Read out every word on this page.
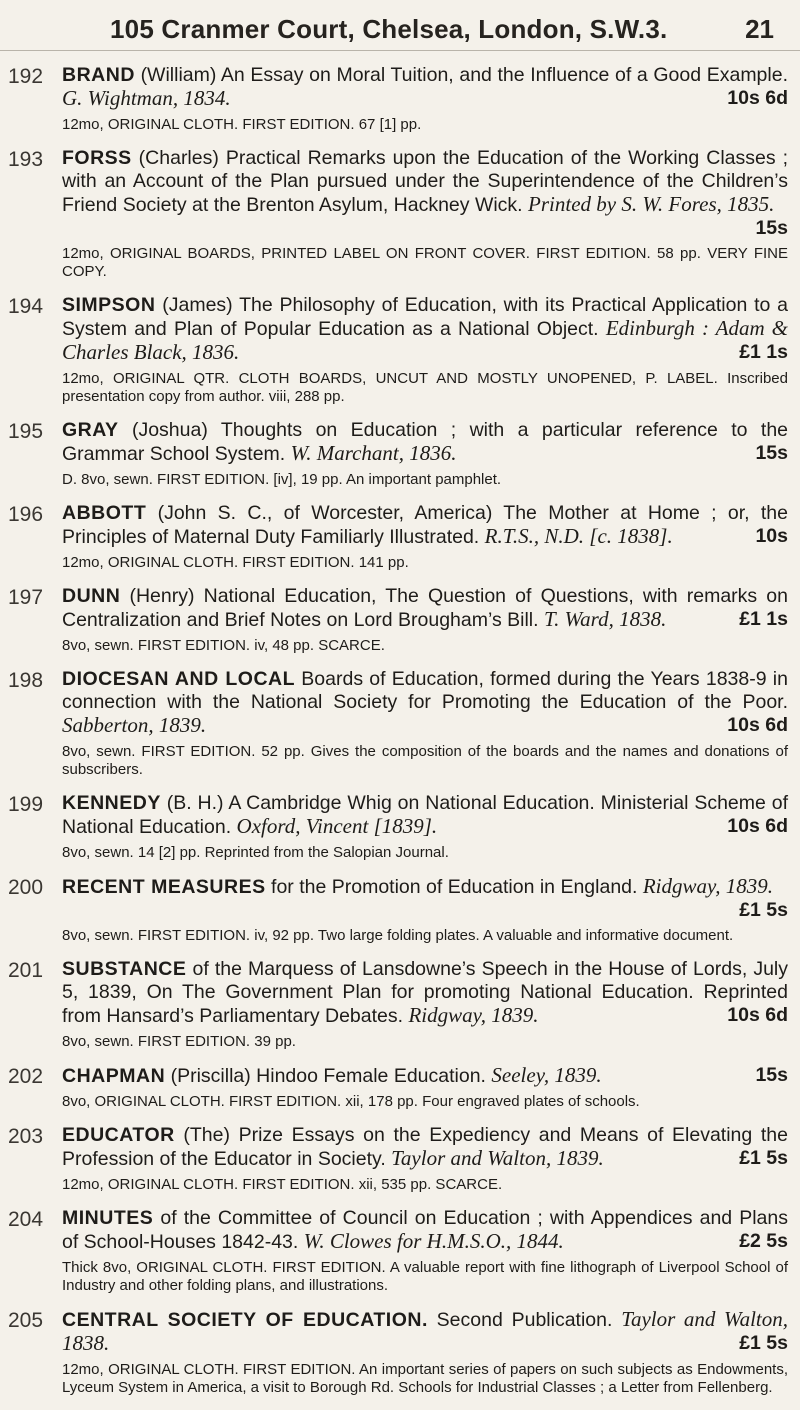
105 Cranmer Court, Chelsea, London, S.W.3.	21
192 BRAND (William) An Essay on Moral Tuition, and the Influence of a Good Example. G. Wightman, 1834.	10s 6d
12mo, ORIGINAL CLOTH. FIRST EDITION. 67 [1] pp.
193 FORSS (Charles) Practical Remarks upon the Education of the Working Classes ; with an Account of the Plan pursued under the Superintendence of the Children’s Friend Society at the Brenton Asylum, Hackney Wick. Printed by S. W. Fores, 1835.
15s
12mo, ORIGINAL BOARDS, PRINTED LABEL ON FRONT COVER. FIRST EDITION. 58 pp. VERY FINE COPY.
194 SIMPSON (James) The Philosophy of Education, with its Practical Application to a System and Plan of Popular Education as a National Object. Edinburgh : Adam & Charles Black, 1836.	£1 1s
12mo, ORIGINAL QTR. CLOTH BOARDS, UNCUT AND MOSTLY UNOPENED, P. LABEL. Inscribed presentation copy from author. viii, 288 pp.
195 GRAY (Joshua) Thoughts on Education ; with a particular reference to the Grammar School System. W. Marchant, 1836.	15s
D. 8vo, sewn. FIRST EDITION. [iv], 19 pp. An important pamphlet.
196 ABBOTT (John S. C., of Worcester, America) The Mother at Home ; or, the Principles of Maternal Duty Familiarly Illustrated. R.T.S., N.D. [c. 1838].	10s
12mo, ORIGINAL CLOTH. FIRST EDITION. 141 pp.
197 DUNN (Henry) National Education, The Question of Questions, with remarks on Centralization and Brief Notes on Lord Brougham’s Bill. T. Ward, 1838.	£1 1s
8vo, sewn. FIRST EDITION. iv, 48 pp. SCARCE.
198 DIOCESAN AND LOCAL Boards of Education, formed during the Years 1838-9 in connection with the National Society for Promoting the Education of the Poor. Sabberton, 1839.	10s 6d
8vo, sewn. FIRST EDITION. 52 pp. Gives the composition of the boards and the names and donations of subscribers.
199 KENNEDY (B. H.) A Cambridge Whig on National Education. Ministerial Scheme of National Education. Oxford, Vincent [1839].	10s 6d
8vo, sewn. 14 [2] pp. Reprinted from the Salopian Journal.
200 RECENT MEASURES for the Promotion of Education in England. Ridgway, 1839.
£1 5s
8vo, sewn. FIRST EDITION. iv, 92 pp. Two large folding plates. A valuable and informative document.
201 SUBSTANCE of the Marquess of Lansdowne’s Speech in the House of Lords, July 5, 1839, On The Government Plan for promoting National Education. Reprinted from Hansard’s Parliamentary Debates. Ridgway, 1839.	10s 6d
8vo, sewn. FIRST EDITION. 39 pp.
202 CHAPMAN (Priscilla) Hindoo Female Education. Seeley, 1839.	15s
8vo, ORIGINAL CLOTH. FIRST EDITION. xii, 178 pp. Four engraved plates of schools.
203 EDUCATOR (The) Prize Essays on the Expediency and Means of Elevating the Profession of the Educator in Society. Taylor and Walton, 1839.	£1 5s
12mo, ORIGINAL CLOTH. FIRST EDITION. xii, 535 pp. SCARCE.
204 MINUTES of the Committee of Council on Education ; with Appendices and Plans of School-Houses 1842-43. W. Clowes for H.M.S.O., 1844.	£2 5s
Thick 8vo, ORIGINAL CLOTH. FIRST EDITION. A valuable report with fine lithograph of Liverpool School of Industry and other folding plans, and illustrations.
205 CENTRAL SOCIETY OF EDUCATION. Second Publication. Taylor and Walton, 1838.	£1 5s
12mo, ORIGINAL CLOTH. FIRST EDITION. An important series of papers on such subjects as Endowments, Lyceum System in America, a visit to Borough Rd. Schools for Industrial Classes ; a Letter from Fellenberg.
